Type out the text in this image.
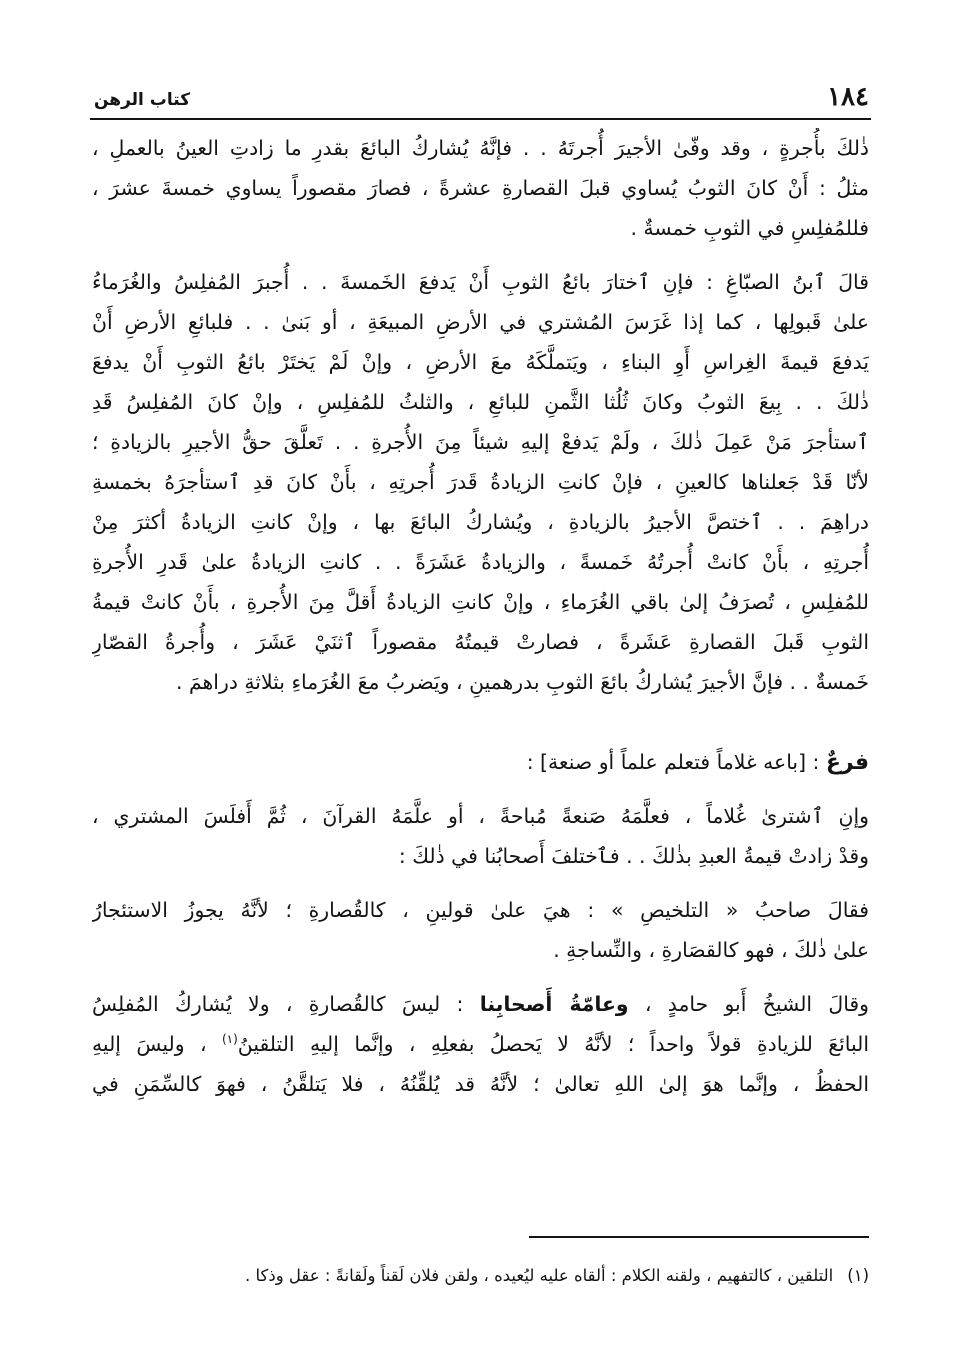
١٨٤
كتاب الرهن
ذٰلكَ بأُجرةٍ ، وقد وفّىٰ الأجيرَ أُجرتَهُ . . فإنَّهُ يُشاركُ البائعَ بقدرِ ما زادتِ العينُ بالعملِ ،
مثلُ : أَنْ كانَ الثوبُ يُساوي قبلَ القصارةِ عشرةً ، فصارَ مقصوراً يساوي خمسةَ عشرَ ،
فللمُفلِسِ في الثوبِ خمسةٌ .
قالَ ٱبنُ الصبّاغِ : فإنِ ٱختارَ بائعُ الثوبِ أَنْ يَدفعَ الخَمسةَ . . أُجبرَ المُفلِسُ والغُرَماءُ
علىٰ قَبولِها ، كما إذا غَرَسَ المُشتري في الأرضِ المبيعَةِ ، أو بَنىٰ . . فلبائعِ الأرضِ أَنْ
يَدفعَ قيمةَ الغِراسِ أَوِ البناءِ ، ويَتملَّكَهُ معَ الأرضِ ، وإنْ لَمْ يَختَرْ بائعُ الثوبِ أَنْ يدفعَ
ذٰلكَ . . بِيعَ الثوبُ وكانَ ثُلُثا الثَّمنِ للبائعِ ، والثلثُ للمُفلِسِ ، وإنْ كانَ المُفلِسُ قَدِ
ٱستأجرَ مَنْ عَمِلَ ذٰلكَ ، ولَمْ يَدفعْ إليهِ شيئاً مِنَ الأُجرةِ . . تَعلَّقَ حقُّ الأجيرِ بالزيادةِ ؛
لأنّا قَدْ جَعلناها كالعينِ ، فإنْ كانتِ الزيادةُ قَدرَ أُجرتِهِ ، بأَنْ كانَ قدِ ٱستأجرَهُ بخمسةِ
دراهِمَ . . ٱختصَّ الأجيرُ بالزيادةِ ، ويُشاركُ البائعَ بها ، وإنْ كانتِ الزيادةُ أكثرَ مِنْ
أُجرتِهِ ، بأَنْ كانتْ أُجرتُهُ خَمسةً ، والزيادةُ عَشَرَةً . . كانتِ الزيادةُ علىٰ قَدرِ الأُجرةِ
للمُفلِسِ ، تُصرَفُ إلىٰ باقي الغُرَماءِ ، وإنْ كانتِ الزيادةُ أَقلَّ مِنَ الأُجرةِ ، بأَنْ كانتْ قيمةُ
الثوبِ قَبلَ القصارةِ عَشَرةً ، فصارتْ قيمتُهُ مقصوراً ٱثنَيْ عَشَرَ ، وأُجرةُ القصّارِ
خَمسةٌ . . فإنَّ الأجيرَ يُشاركُ بائعَ الثوبِ بدرهمينِ ، ويَضربُ معَ الغُرَماءِ بثلاثةِ دراهمَ .
فرعٌ : [باعه غلاماً فتعلم علماً أو صنعة] :
وإنِ ٱشترىٰ غُلاماً ، فعلَّمَهُ صَنعةً مُباحةً ، أو علَّمَهُ القرآنَ ، ثُمَّ أَفلَسَ المشتري ،
وقدْ زادتْ قيمةُ العبدِ بذٰلكَ . . فٱختلفَ أَصحابُنا في ذٰلكَ :
فقالَ صاحبُ « التلخيصِ » : هيَ علىٰ قولينِ ، كالقُصارةِ ؛ لأنَّهُ يجوزُ الاستئجارُ
علىٰ ذٰلكَ ، فهو كالقصَارةِ ، والنِّساجةِ .
وقالَ الشيخُ أَبو حامدٍ ، وعامّةُ أَصحابِنا : ليسَ كالقُصارةِ ، ولا يُشاركُ المُفلِسُ
البائعَ للزيادةِ قولاً واحداً ؛ لأنَّهُ لا يَحصلُ بفعلِهِ ، وإنَّما إليهِ التلقينُ$^{(١)}$ ، وليسَ إليهِ
الحفظُ ، وإنَّما هوَ إلىٰ اللهِ تعالىٰ ؛ لأنَّهُ قد يُلقِّنُهُ ، فلا يَتلقَّنُ ، فهوَ كالسِّمَنِ في
(١)التلقين ، كالتفهيم ، ولقنه الكلام : ألقاه عليه ليُعيده ، ولقن فلان لَقناً ولَقانةً : عقل وذكا .
